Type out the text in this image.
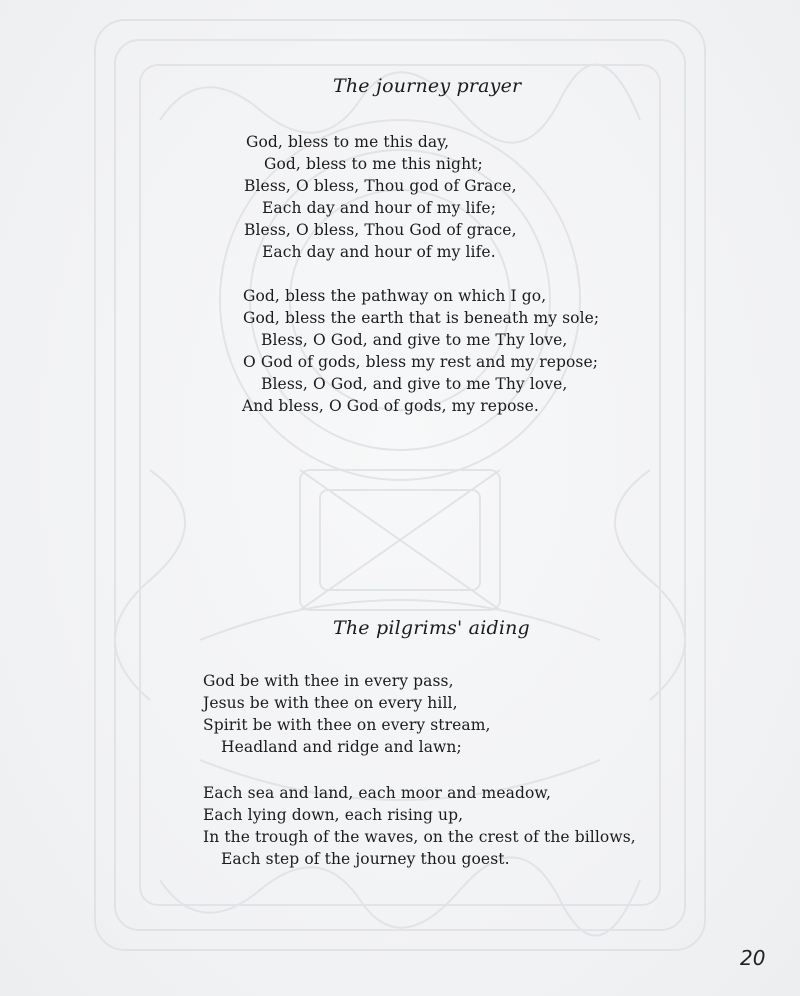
The journey prayer
God, bless to me this day,
God, bless to me this night;
Bless, O bless, Thou god of Grace,
Each day and hour of my life;
Bless, O bless, Thou God of grace,
Each day and hour of my life.
God, bless the pathway on which I go,
God, bless the earth that is beneath my sole;
Bless, O God, and give to me Thy love,
O God of gods, bless my rest and my repose;
Bless, O God, and give to me Thy love,
And bless, O God of gods, my repose.
The pilgrims' aiding
God be with thee in every pass,
Jesus be with thee on every hill,
Spirit be with thee on every stream,
Headland and ridge and lawn;
Each sea and land, each moor and meadow,
Each lying down, each rising up,
In the trough of the waves, on the crest of the billows,
Each step of the journey thou goest.
20
